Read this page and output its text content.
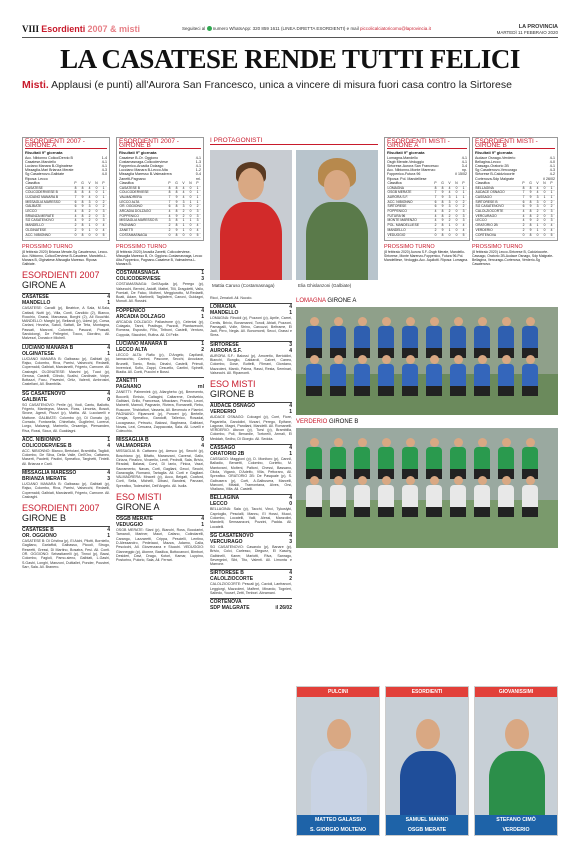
VIII Esordienti 2007 & misti	Seguiteci al numero WhatsApp: 320 859 1611 (LINEA DIRETTA ESORDIENTI) e mail piccolicalciatoricomo@laprovincia.it	LA PROVINCIA
MARTEDÌ 11 FEBBRAIO 2020
LA CASATESE RENDE TUTTI FELICI
Misti. Applausi (e punti) all'Aurora San Francesco, unica a vincere di misura fuori casa contro la Sirtorese
ESORDIENTI 2007 - GIRONE A
Risultati 9ª giornata
Acc. Nibionno Colico/Dervio B	1-4
Casatese-Mandello	4-1
Luciano Manara B-Olginatese	4-1
Missaglia-Mari Brianza Merate	4-3
Sg Casatenovo-Galbiate	4-0
Riposa: Lecco
Classifica	P	G	V	N	P
CASATESE	8	8	4	0	1
COLICODERVIESE B	8	8	4	0	1
LUCIANO MANARA B	7	9	4	0	1
MISSAGLIA MARESSO	6	8	3	0	2
GALBIATE	6	9	3	0	2
LECCO	4	8	2	0	3
BRIANZA MERATE	4	8	2	0	3
SG CASATENOVO	4	9	2	0	3
MANDELLO	2	8	1	0	4
OLGINATESE	2	9	1	0	4
ACC. NIBIONNO	0	8	0	0	5
PROSSIMO TURNO
(8 febbraio 2020) Brianza Merate-Sg Casatenovo, Lecco-Acc. Nibionno, Colico/Derviese B-Casatese, Mandello-L. Manara B, Olginatese-Missaglia Maresso. Riposa: Galbiate.
ESORDIENTI 2007
GIRONE A
CASATESE	4
MANDELLO	1
CASATESE: Cavalli (p), Beatrice, A Sala, M.Sala, Cattadi, Nutti (p), Villa, Conti, Candido (2), Blanco, Rocchio, Grassi, Marcassa, Borghi (2), Ali Bouchiki. MANDELLO: Marghi (p), Bellandi (p), Udesi (p), Corsa, Carlani, Hezzha, Satoli, Sattati, De Teta, Montagna, Passati, Marzoni, Colombo, Pasuzzi, Possati, Sandolongi, De Pellegrini, Tocco, Giordino, All. Malvezzi, Donato e Michell.
LUCIANO MANARA B	4
OLGINATESE	1
LUCIANO MANARA B: Galbasso (p), Galbiati (p), Rajso, Colombo, Riva, Parrisi, Valsecchi, Redaelli, Copernaldi, Galbiati, Marcianelli, Frigerio, Carnone. All. Casiraghi. OLGINATESE: Marzini (p), Tucci (p), Gerosa, Castelli, Cilindo, Scalisi, Cardinale, Volpe, Bottazzi, Focu, Pavesini, Ortiz, Valenti, Ambrosini, Castellani, All. Brambilla.
SG CASATENOVO	4
GALBIATE	0
SG CASATENOVO: Perile (p), Vodi, Cantu, Ballotto, Frigerio, Mantegna, Mazza, Ross, Limonta, Bosuti, Sirone, Agesti, Piozzi (p), Mattia. All. Lucciarelli e Mattone. GALBIATE: Colombo (p), Di Donato (p), Corrado, Fontanella, Chinellato, Guglielmi, Lorenzi, Lurgo, Malcangi, Marinello, Orsamigo, Piersanden, Riva, Rossi, Sioux, All. Gualdagni.
ACC. NIBIONNO	1
COLICODERVIESE B	4
ACC. NIBIONNO: Bianco, Bertolani, Brambilla, Taglioli, Colombo, De Silva, Della Valle, Dell'Oro, Cattaneo, Maserti, Paoletti, Paolini, Spreafico, Targhetti, Tintelli. All. Brianza e Carli.
MISSAGLIA MARESSO	4
BRIANZA MERATE	3
LUCIANO MANARA B: Galbasso (p), Galbiati (p), Rajso, Colombo, Riva, Parrisi, Valsecchi, Redaelli, Copernaldi, Galbiati, Marcianelli, Frigerio, Carnone. All. Casiraghi.
ESORDIENTI 2007
GIRONE B
CASATESE B	4
OR. OGGIONO	1
CASATESE B: Di Cristina (p), El Aichi, Pilotti, Borniello, Gagliano, Gariaffoli, Galbasso, Piccoli, Strugo, Reseetti, Gressi, Di Martino, Bosatra, Fesi. All. Conti. OR. OGGIONO: Sebastianelli (p), Tinnoi (p), Bacsi, Colombo, Fagioli, Pamo-sieno, Galbiati, L.Gashi, S.Gashi, Longhi, Manzoni, Dultiallet, Ponder, Poustrei, Sarr, Sala. All. Branero.
ESORDIENTI 2007 - GIRONE B
Risultati 9ª giornata
Casatese B-Or. Oggiono	4-1
Costamasnaga-Colicoderviese	1-3
Foppenico-Arcadia Dolzago	4-1
Lucciano Manara B-Lecco Alta	1-2
Missaglia Maresso B-Valmadrera	0-4
Zanetti-Pagnano	rnl.
Classifica	P	G	V	N	P
CASATESE B	8	8	4	0	1
COLICODERVIESE	8	8	4	0	1
VALMADRERA	7	9	4	0	1
LECCO ALTA	7	9	3	1	1
OR. OGGIONO	6	8	3	0	2
ARCADIA DOLZAGO	4	8	2	0	3
FOPPENICO	4	9	2	0	3
MISSAGLIA MARESSO B	3	8	1	1	3
PAGNANO	2	8	1	0	4
ZANETTI	2	9	1	0	4
COSTAMASNAGA	0	8	0	0	5
PROSSIMO TURNO
(8 febbraio 2020) Arcadia Zanetti, Colicoderviese-Missaglia Maresso B, Or. Oggiono-Costamasnaga, Lecco Alta-Foppenico, Pagnano-Casatese B, Valmadrera-L. Manara B.
COSTAMASNAGA	1
COLICODERVIESE	3
COSTAMASNAGA: Dell'Aquila (p), Perego (p), Valsecchi, Bernini, Astolfi, Mattei, Tilli, Dragoletti, Vallo, Pomiati, De Falco, Molteni, Meggiorotto, M.Redaelli, Boati, Adam, Martinelli, Tagliaferri, Canovi, Guidagni, Monoti. All. Rossini.
FOPPENICO	4
ARCADIA DOLZAGO	1
ARCADIA DOLZAGO: Pallastrone (p), Celentai (p), Colagalo, Tanni, Pradisgo, Pazzoli, Piantavecchi, Romeaz, Esposito, Fillo, Tiriboni, Castelli, Venturo, Coppola, Stacchini, Rufina. All. Di Felle.
LUCIANO MANARA B	1
LECCO ALTA	2
LECCO ALTA: Rafio (p), D'Angelo, Capilardi, Iannacchio, Carinni, Pascone, Secchi, Arcudace, Brunelli, Tomic, Redo, Dinalvi, Castelli, Primoli, Invernizzi, Sofio, Zappi, Cesuello, Cantini, Spinelli, Biadia. All. Conti, Puccini e Bossi.
ZANETTI
PAGNANO	rnl
ZANETTI: Palmeniek (p), Allargheho (p), Benevento, Boccelli, Emisio, Caltagini, Caltarene, Dedivekio, Galbiani, Grillo, Francesca, Mbackam, Prando, Leoni, Mainetti, Mamoli, Pagnanin, Riviera, Romanelli, Rebo, Ruscone, Trisblattori, Vasseta, All. Bevenuto e Flamini. PAGNANO: Ripamonti (p), Ponceri (p), Bertelle, Cengia, Spreafico, Gandolfi, Tallerico, Rosadai, Locagrasso, Petroziu, Balossi, Baghrana, Galbiani, Novas, Lezi, Ceruana, Zappacosta, Sala. All. Lovelli e Colecchio.
MISSAGLIA B	0
VALMADRERA	4
MISSAGLIA B: Cattaneo (p), Aresco (p), Secchi (p), Boschiano (p), Bifatto, Maranzani, Caverai, Gallo, Cirizza, Finalivo, Vivarello, Lenti, Pedrolli, Sala, Brivio, Riradati, Balassi, Corvi, Di Ianio, Finica, Vazzi, Sacramento, Navas, Corti, Gagliani, Gecci, Secchi, Garavaglia, Romanò, Tartaglia. All. Corti e Gagliani. VALMADRERA: Mraceli (p), Acco, Beigati, Coaford, Corti, Sella, Michelli, Dibasi, Bandesi, Panzani, Spreafico, Todeschini, Dell'Angelo. All. Isolla.
ESO MISTI
GIRONE A
OSGB MERATE	4
VEDUGGIO	1
OSGB MERATE: Siani (p), Bianchi, Ross, Bocciarini, Tamandi, Mariner, Mauri, Cafano, Colindarelli, Carango, Lazzaretti, Crippa, Pescielli, Lentino, D.Alessandro, Pedeiacci, Mazza, Adamo, Calia, Pescicchi, All. Giovenzana e Stucchi. VEDUGGIO: Gianneggio (p), Atonne, Basilica, Bottocanovi, Bimbori, Desideri, Davi, Drago, Kotori, Kamar, Luppino, Postorino, Pulorio, Sala, All. Ferrari.
I PROTAGONISTI
Mattia Caruso (Costamasnaga)	Elia Ghislanzoni (Galbiate)
Ricci, Zenaiuti. All. Nuccio.
LOMAGNA	4
MANDELLO	1
LOMAGNA: Rinoldi (p), Pozzoni (p), Aprile, Carrei, Centis, Brivio, Bonamanni, Tonoli, Abiati, Pozzoni, Pamagalli, Volle, Strino, Carcuzzi, Beltrame, El Jadi, Pirro, Negla. All. Bonomonti, Secci, Grassi e Sirea.
SIRTORESE	3
AURORA S.F.	4
AURORA S.F.: Balossi (p), Amoretio, Bertoldini, Bianchi, Bonglio, Caldaroli, Calvet, Caneo, Colombo, Dose, Buttelli, Filmani, Giordano, Mazzoleni, Mantò, Palma, Rassi, Resta, Seminari, Valsecchi. All. Ripamonti.
ESO MISTI
GIRONE B
AUDACE OSNAGO	4
VERDERIO	1
AUDACE OSNAGO: Colcagni (p), Corri, Fiore, Pagariella, Gandolini, Vizzari, Perego, Epifane, Lagoran, Magni, Pandiani, Mandelli. All. Romanelli. VERDERIO: Atuvon (p), Tursi (p), Brambilla, Colombo, Poli, Benardie, Tortorelli, Armali, El Meddah, Sedho, Di Giorgio. All. Sedola.
CASSAGO	4
ORATORIO 2B	1
CASSAGO: Maggioni (p), D. Monitoro (p), Cannil, Balladio, Beraetti, Colombo, Corietto, M. Mantovani, Molteni, Paltoni, Chessi, Bassano, Citola, Viganò, D'Adelfo, Villa, Pettoraro, All. Spreafico. ORATORIO 2B: De Pasquale (p), S. Galbusera (p), Corti, A.Galbusera, Marcelli, Marconi, Mitaldi, Tramontana, Alves, Orsi, Vitaliano, Villa. All. Castelli.
BELLAGINA	4
LECCO	0
BELLAGINA: Sala (p), Tacchi, Vinci, Tykoslyki, Caprioglio, Pescialli, Mannu, El Hossi, Mucci, Colombo, Locatelli, Valli, Alessi, Manzolini, Mandelli, Senssanzoni, Pozzini, Padda. All. Locatelli.
SG CASATENOVO	4
VERCURAGO	3
SG CASATENOVO: Casarolo (p), Banare (p), Brivio, Colci, Carlesso, Dieguez, El Kaschy, Galbinelli, Kaner, Mariotti, Riva, Sanrago, Severgnini, Sibi, Tito, Valenti. All. Limonta e Marrone.
SIRTORESE B	4
CALOLZIOCORTE	2
CALOLZIOCORTE: Pescali (p), Cavioli, Lanfrancni, Leggiorgi, Mazzoleni, Malferri, Minardo, Tognieri, Saliedo, Yousef, Zetti, Tenbori. Abramani.
CORTENOVA
SDP MALGRATE	il 26/02
LOMAGNA GIRONE A
VERDERIO GIRONE B
ESORDIENTI MISTI - GIRONE A
Risultati 9ª giornata
Lomagna-Mandello	4-1
Osgb Merate-Veduggio	4-1
Sirtorese-Aurora San Francesco	3-4
Acc. Nibionno-Monte Marenzo	np.
Foppenico-Futura 96	il 15/02
Riposa: Pol. Mandelliese
Classifica	P	G	V	N	P
LOMAGNA	8	8	4	0	1
OSGB MERATE	7	9	4	0	1
AURORA S.F.	7	9	3	1	1
ACC. NIBIONNO	6	8	3	0	2
SIRTORESE	6	9	3	0	2
FOPPENICO	4	8	2	0	3
FUTURA 96	4	8	2	0	3
MONTE MARENZO	4	9	2	0	3
POL. MANDELLIESE	2	8	1	0	4
MANDELLO	2	9	1	0	4
VEDUGGIO	0	8	0	0	5
PROSSIMO TURNO
(8 febbraio 2020) Aurora S.F.-Osgb Merate, Mandello-Sirtorese, Monte Marenzo-Foppenico, Futura 96-Pol. Mandelliese, Veduggio-Acc. Aquilotti. Riposa: Lomagna.
ESORDIENTI MISTI - GIRONE B
Risultati 9ª giornata
Audace Osnago-Verderio	4-1
Bellagina-Lecco	4-0
Cassago-Oratorio 2B	4-1
Sg Casatenovo-Vercurago	4-3
Sirtorese B-Calolziocorte	4-2
Cortenova-Sdp Malgrate	il 26/02
Classifica	P	G	V	N	P
BELLAGINA	8	8	4	0	1
AUDACE OSNAGO	7	9	4	0	1
CASSAGO	7	9	3	1	1
SIRTORESE B	6	8	3	0	2
SG CASATENOVO	6	9	3	0	2
CALOLZIOCORTE	4	8	2	0	3
VERCURAGO	4	8	2	0	3
LECCO	4	9	2	0	3
ORATORIO 2B	2	8	1	0	4
VERDERIO	2	9	1	0	4
CORTENOVA	0	8	0	0	5
PROSSIMO TURNO
(8 febbraio 2020) Lecco-Sirtorese B, Calolziocorte-Cassago, Oratorio 2B-Audace Osnago, Sdp Malgrate-Bellagina, Vercurago-Cortenova, Verderio-Sg Casatenovo.
PULCINI
MATTEO GALASSI
S. GIORGIO MOLTENO
ESORDIENTI
SAMUEL MANNO
OSGB MERATE
GIOVANISSIMI
STEFANO CIMÒ
VERDERIO
